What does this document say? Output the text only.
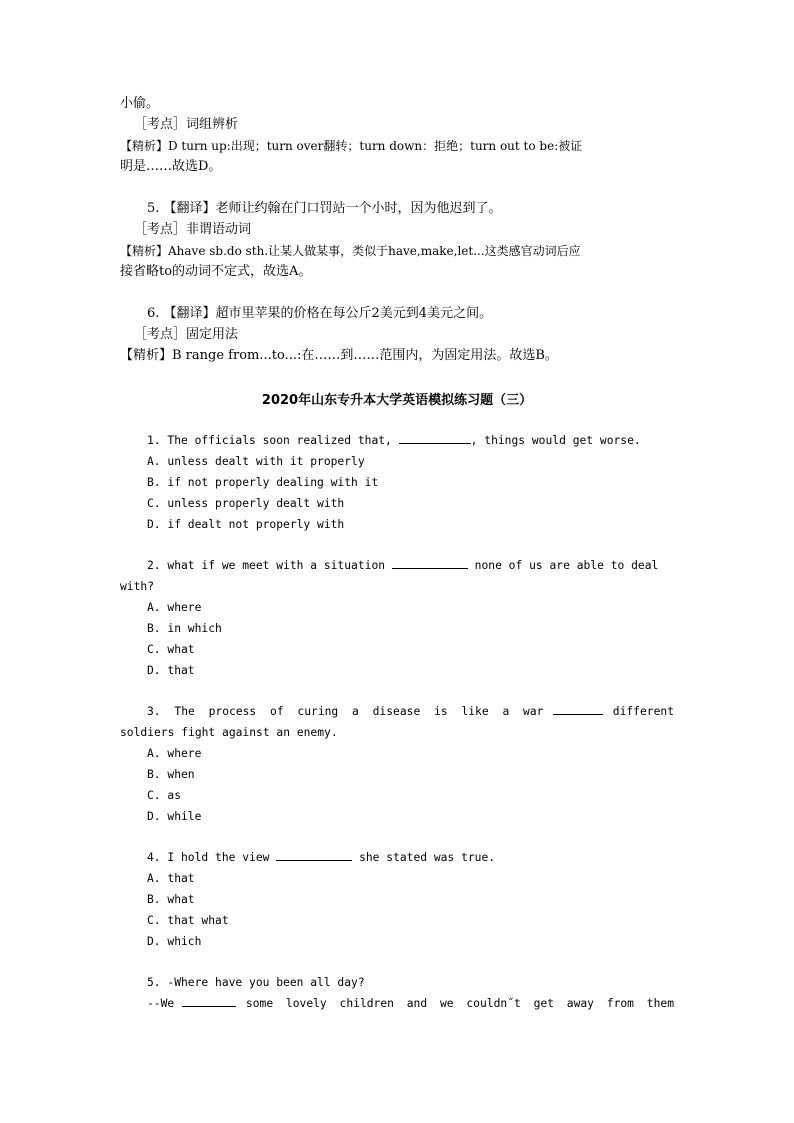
小偷。
［考点］词组辨析
【精析】D turn up:出现；turn over翻转；turn down：拒绝；turn out to be:被证
明是……故选D。
5. 【翻译】老师让约翰在门口罚站一个小时，因为他迟到了。
［考点］非谓语动词
【精析】Ahave sb.do sth.让某人做某事，类似于have,make,let...这类感官动词后应
接省略to的动词不定式，故选A。
6. 【翻译】超市里苹果的价格在每公斤2美元到4美元之间。
［考点］固定用法
【精析】B range from...to...:在……到……范围内，为固定用法。故选B。
2020年山东专升本大学英语模拟练习题（三）
1. The officials soon realized that,	, things would get worse.
A. unless dealt with it properly
B. if not properly dealing with it
C. unless properly dealt with
D. if dealt not properly with
2. what if we meet with a situation	none of us are able to deal
with?
A. where
B. in which
C. what
D. that
3. The process of curing a disease is like a war	different
soldiers fight against an enemy.
A. where
B. when
C. as
D. while
4. I hold the view	she stated was true.
A. that
B. what
C. that what
D. which
5. -Where have you been all day?
--We	some lovely children and we couldn˝t get away from them
